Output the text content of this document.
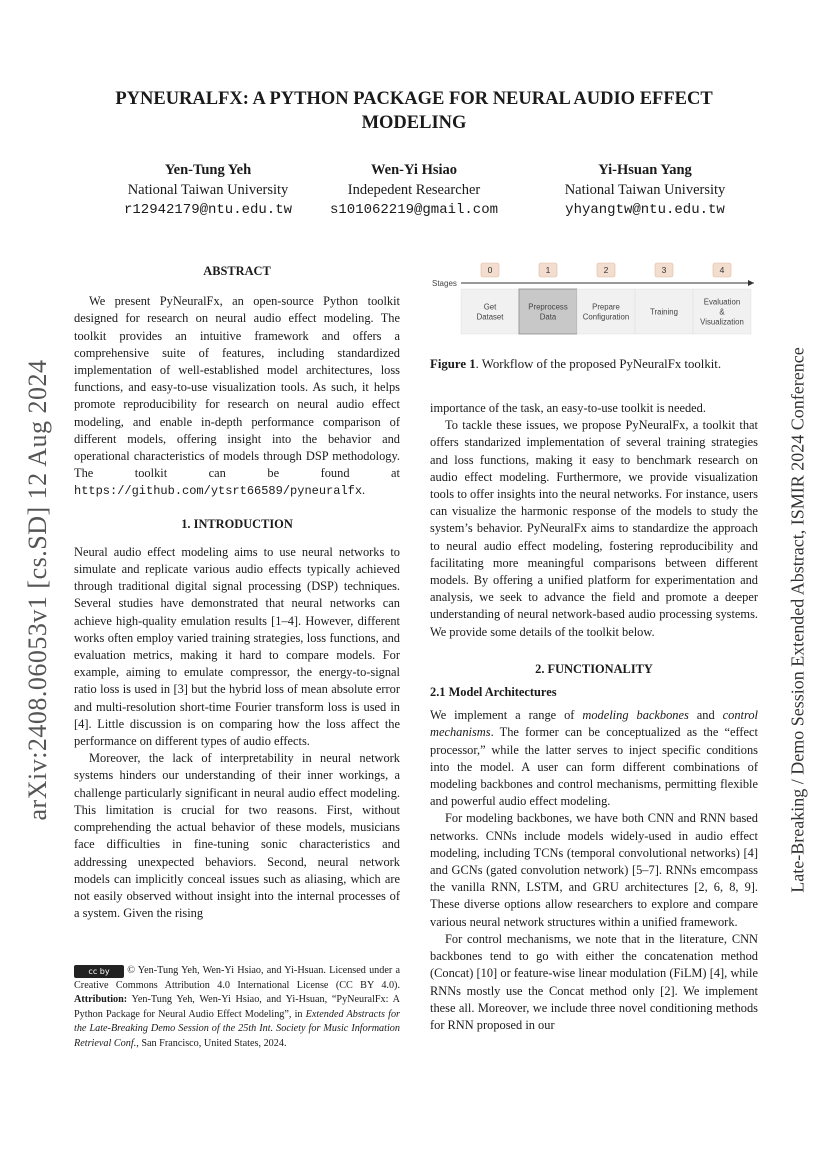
arXiv:2408.06053v1 [cs.SD] 12 Aug 2024	Late-Breaking / Demo Session Extended Abstract, ISMIR 2024 Conference
PYNEURALFX: A PYTHON PACKAGE FOR NEURAL AUDIO EFFECT MODELING
Yen-Tung Yeh
National Taiwan University
r12942179@ntu.edu.tw
Wen-Yi Hsiao
Indepedent Researcher
s101062219@gmail.com
Yi-Hsuan Yang
National Taiwan University
yhyangtw@ntu.edu.tw

ABSTRACT

We present PyNeuralFx, an open-source Python toolkit designed for research on neural audio effect modeling. The toolkit provides an intuitive framework and offers a comprehensive suite of features, including standardized implementation of well-established model architectures, loss functions, and easy-to-use visualization tools. As such, it helps promote reproducibility for research on neural audio effect modeling, and enable in-depth performance comparison of different models, offering insight into the behavior and operational characteristics of models through DSP methodology. The toolkit can be found at https://github.com/ytsrt66589/pyneuralfx.

1. INTRODUCTION

Neural audio effect modeling aims to use neural networks to simulate and replicate various audio effects typically achieved through traditional digital signal processing (DSP) techniques. Several studies have demonstrated that neural networks can achieve high-quality emulation results [1–4]. However, different works often employ varied training strategies, loss functions, and evaluation metrics, making it hard to compare models. For example, aiming to emulate compressor, the energy-to-signal ratio loss is used in [3] but the hybrid loss of mean absolute error and multi-resolution short-time Fourier transform loss is used in [4]. Little discussion is on comparing how the loss affect the performance on different types of audio effects.

Moreover, the lack of interpretability in neural network systems hinders our understanding of their inner workings, a challenge particularly significant in neural audio effect modeling. This limitation is crucial for two reasons. First, without comprehending the actual behavior of these models, musicians face difficulties in fine-tuning sonic characteristics and addressing unexpected behaviors. Second, neural network models can implicitly conceal issues such as aliasing, which are not easily observed without insight into the internal processes of a system. Given the rising

cc by © Yen-Tung Yeh, Wen-Yi Hsiao, and Yi-Hsuan. Licensed under a Creative Commons Attribution 4.0 International License (CC BY 4.0). Attribution: Yen-Tung Yeh, Wen-Yi Hsiao, and Yi-Hsuan, “PyNeuralFx: A Python Package for Neural Audio Effect Modeling”, in Extended Abstracts for the Late-Breaking Demo Session of the 25th Int. Society for Music Information Retrieval Conf., San Francisco, United States, 2024.
Stages
0
Get Dataset
1
Preprocess Data
2
Prepare Configuration
3
Training
4
Evaluation & Visualization
Figure 1. Workflow of the proposed PyNeuralFx toolkit.

importance of the task, an easy-to-use toolkit is needed.

To tackle these issues, we propose PyNeuralFx, a toolkit that offers standarized implementation of several training strategies and loss functions, making it easy to benchmark research on audio effect modeling. Furthermore, we provide visualization tools to offer insights into the neural networks. For instance, users can visualize the harmonic response of the models to study the system’s behavior. PyNeuralFx aims to standardize the approach to neural audio effect modeling, fostering reproducibility and facilitating more meaningful comparisons between different models. By offering a unified platform for experimentation and analysis, we seek to advance the field and promote a deeper understanding of neural network-based audio processing systems. We provide some details of the toolkit below.

2. FUNCTIONALITY

2.1 Model Architectures

We implement a range of modeling backbones and control mechanisms. The former can be conceptualized as the “effect processor,” while the latter serves to inject specific conditions into the model. A user can form different combinations of modeling backbones and control mechanisms, permitting flexible and powerful audio effect modeling.

For modeling backbones, we have both CNN and RNN based networks. CNNs include models widely-used in audio effect modeling, including TCNs (temporal convolutional networks) [4] and GCNs (gated convolution network) [5–7]. RNNs emcompass the vanilla RNN, LSTM, and GRU architectures [2, 6, 8, 9]. These diverse options allow researchers to explore and compare various neural network structures within a unified framework.

For control mechanisms, we note that in the literature, CNN backbones tend to go with either the concatenation method (Concat) [10] or feature-wise linear modulation (FiLM) [4], while RNNs mostly use the Concat method only [2]. We implement these all. Moreover, we include three novel conditioning methods for RNN proposed in our
